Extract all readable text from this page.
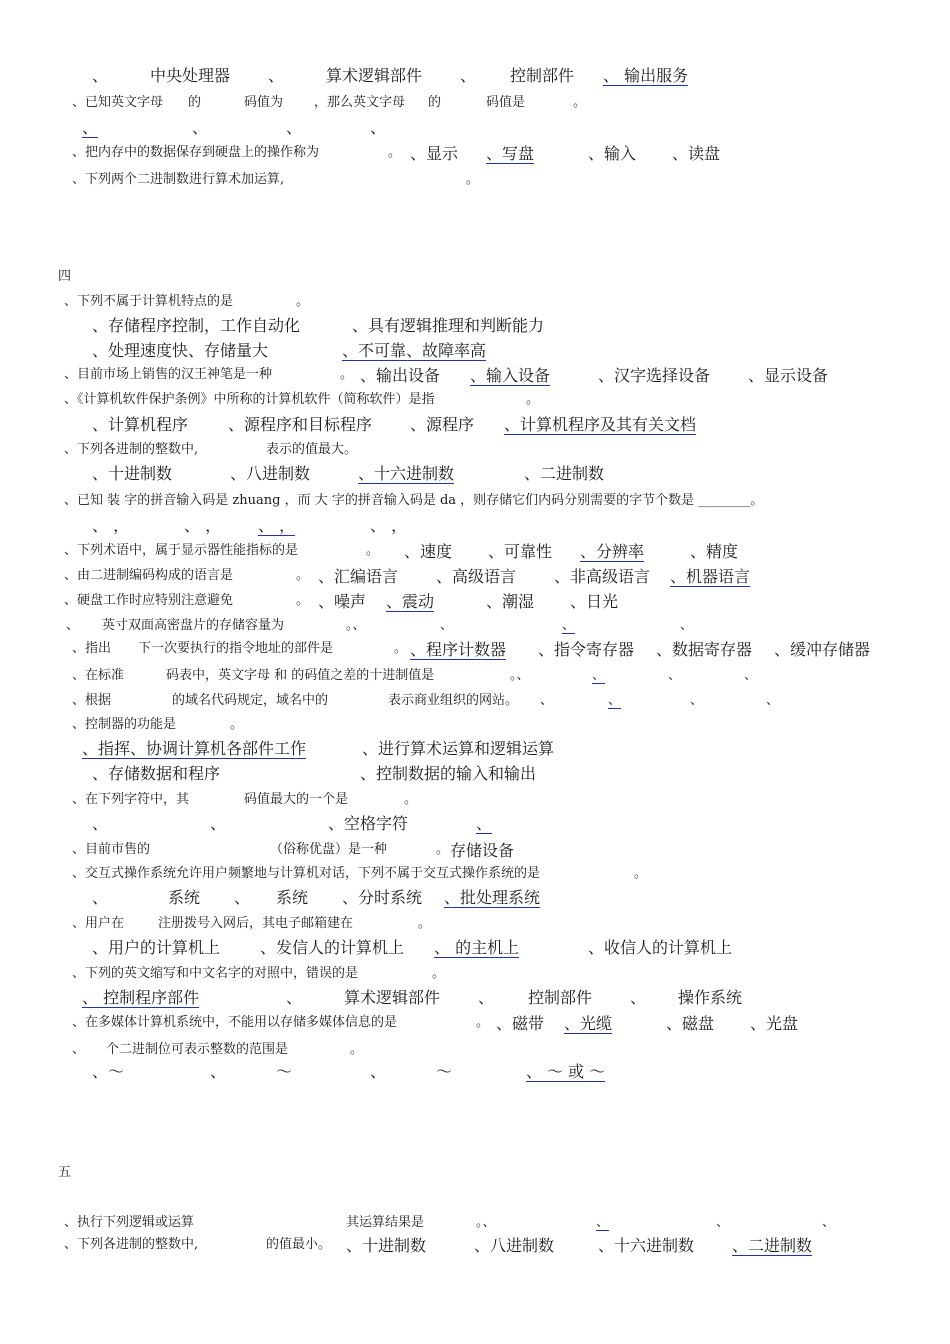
、	中央处理器 、	算术逻辑部件 、 控制部件 、 输出服务
、已知英文字母 的	码值为 ，那么英文字母 的	码值是	。
、	、	、	、
、把内存中的数据保存到硬盘上的操作称为	。 、显示 、写盘	、输入 、读盘
、下列两个二进制数进行算术加运算,	。
四
、下列不属于计算机特点的是	。
、存储程序控制，工作自动化	、具有逻辑推理和判断能力
、处理速度快、存储量大	、不可靠、故障率高
、目前市场上销售的汉王神笔是一种	。 、输出设备 、输入设备	、汉字选择设备 、显示设备
、《计算机软件保护条例》中所称的计算机软件（简称软件）是指	。
、计算机程序 、源程序和目标程序 、源程序 、计算机程序及其有关文档
、下列各进制的整数中,	表示的值最大。
、十进制数	、八进制数	、十六进制数	、二进制数
、已知 装 字的拼音输入码是 zhuang ，而 大 字的拼音输入码是 da ，则存储它们内码分别需要的字节个数是 ________。
、 ，	、 ， 、 ，	、 ，
、下列术语中，属于显示器性能指标的是	。 、速度 、可靠性 、分辨率	、精度
、由二进制编码构成的语言是	。 、汇编语言 、高级语言 、非高级语言 、机器语言
、硬盘工作时应特别注意避免	。 、噪声 、震动	、潮湿 、日光
、 英寸双面高密盘片的存储容量为	。、	、	、	、
、指出 下一次要执行的指令地址的部件是	。 、程序计数器 、指令寄存器 、数据寄存器 、缓冲存储器
、在标准	码表中，英文字母 和 的码值之差的十进制值是	。、	、	、	、
、根据	的域名代码规定，域名中的	表示商业组织的网站。 、	、	、	、
、控制器的功能是	。
、指挥、协调计算机各部件工作	、进行算术运算和逻辑运算
、存储数据和程序	、控制数据的输入和输出
、在下列字符中，其	码值最大的一个是	。
、	、	、空格字符	、
、目前市售的	（俗称优盘）是一种	。 存储设备
、交互式操作系统允许用户频繁地与计算机对话，下列不属于交互式操作系统的是	。
、	系统 、 系统 、分时系统 、批处理系统
、用户在	注册拨号入网后，其电子邮箱建在	。
、用户的计算机上 、发信人的计算机上 、 的主机上	、收信人的计算机上
、下列的英文缩写和中文名字的对照中，错误的是	。
、 控制程序部件	、	算术逻辑部件 、 控制部件 、 操作系统
、在多媒体计算机系统中，不能用以存储多媒体信息的是	。 、磁带 、光缆	、磁盘 、光盘
、 个二进制位可表示整数的范围是	。
、～	、	～	、	～	、 ～ 或 ～
五
、执行下列逻辑或运算	其运算结果是	。、	、	、	、
、下列各进制的整数中,	的值最小。 、十进制数	、八进制数	、十六进制数 、二进制数
